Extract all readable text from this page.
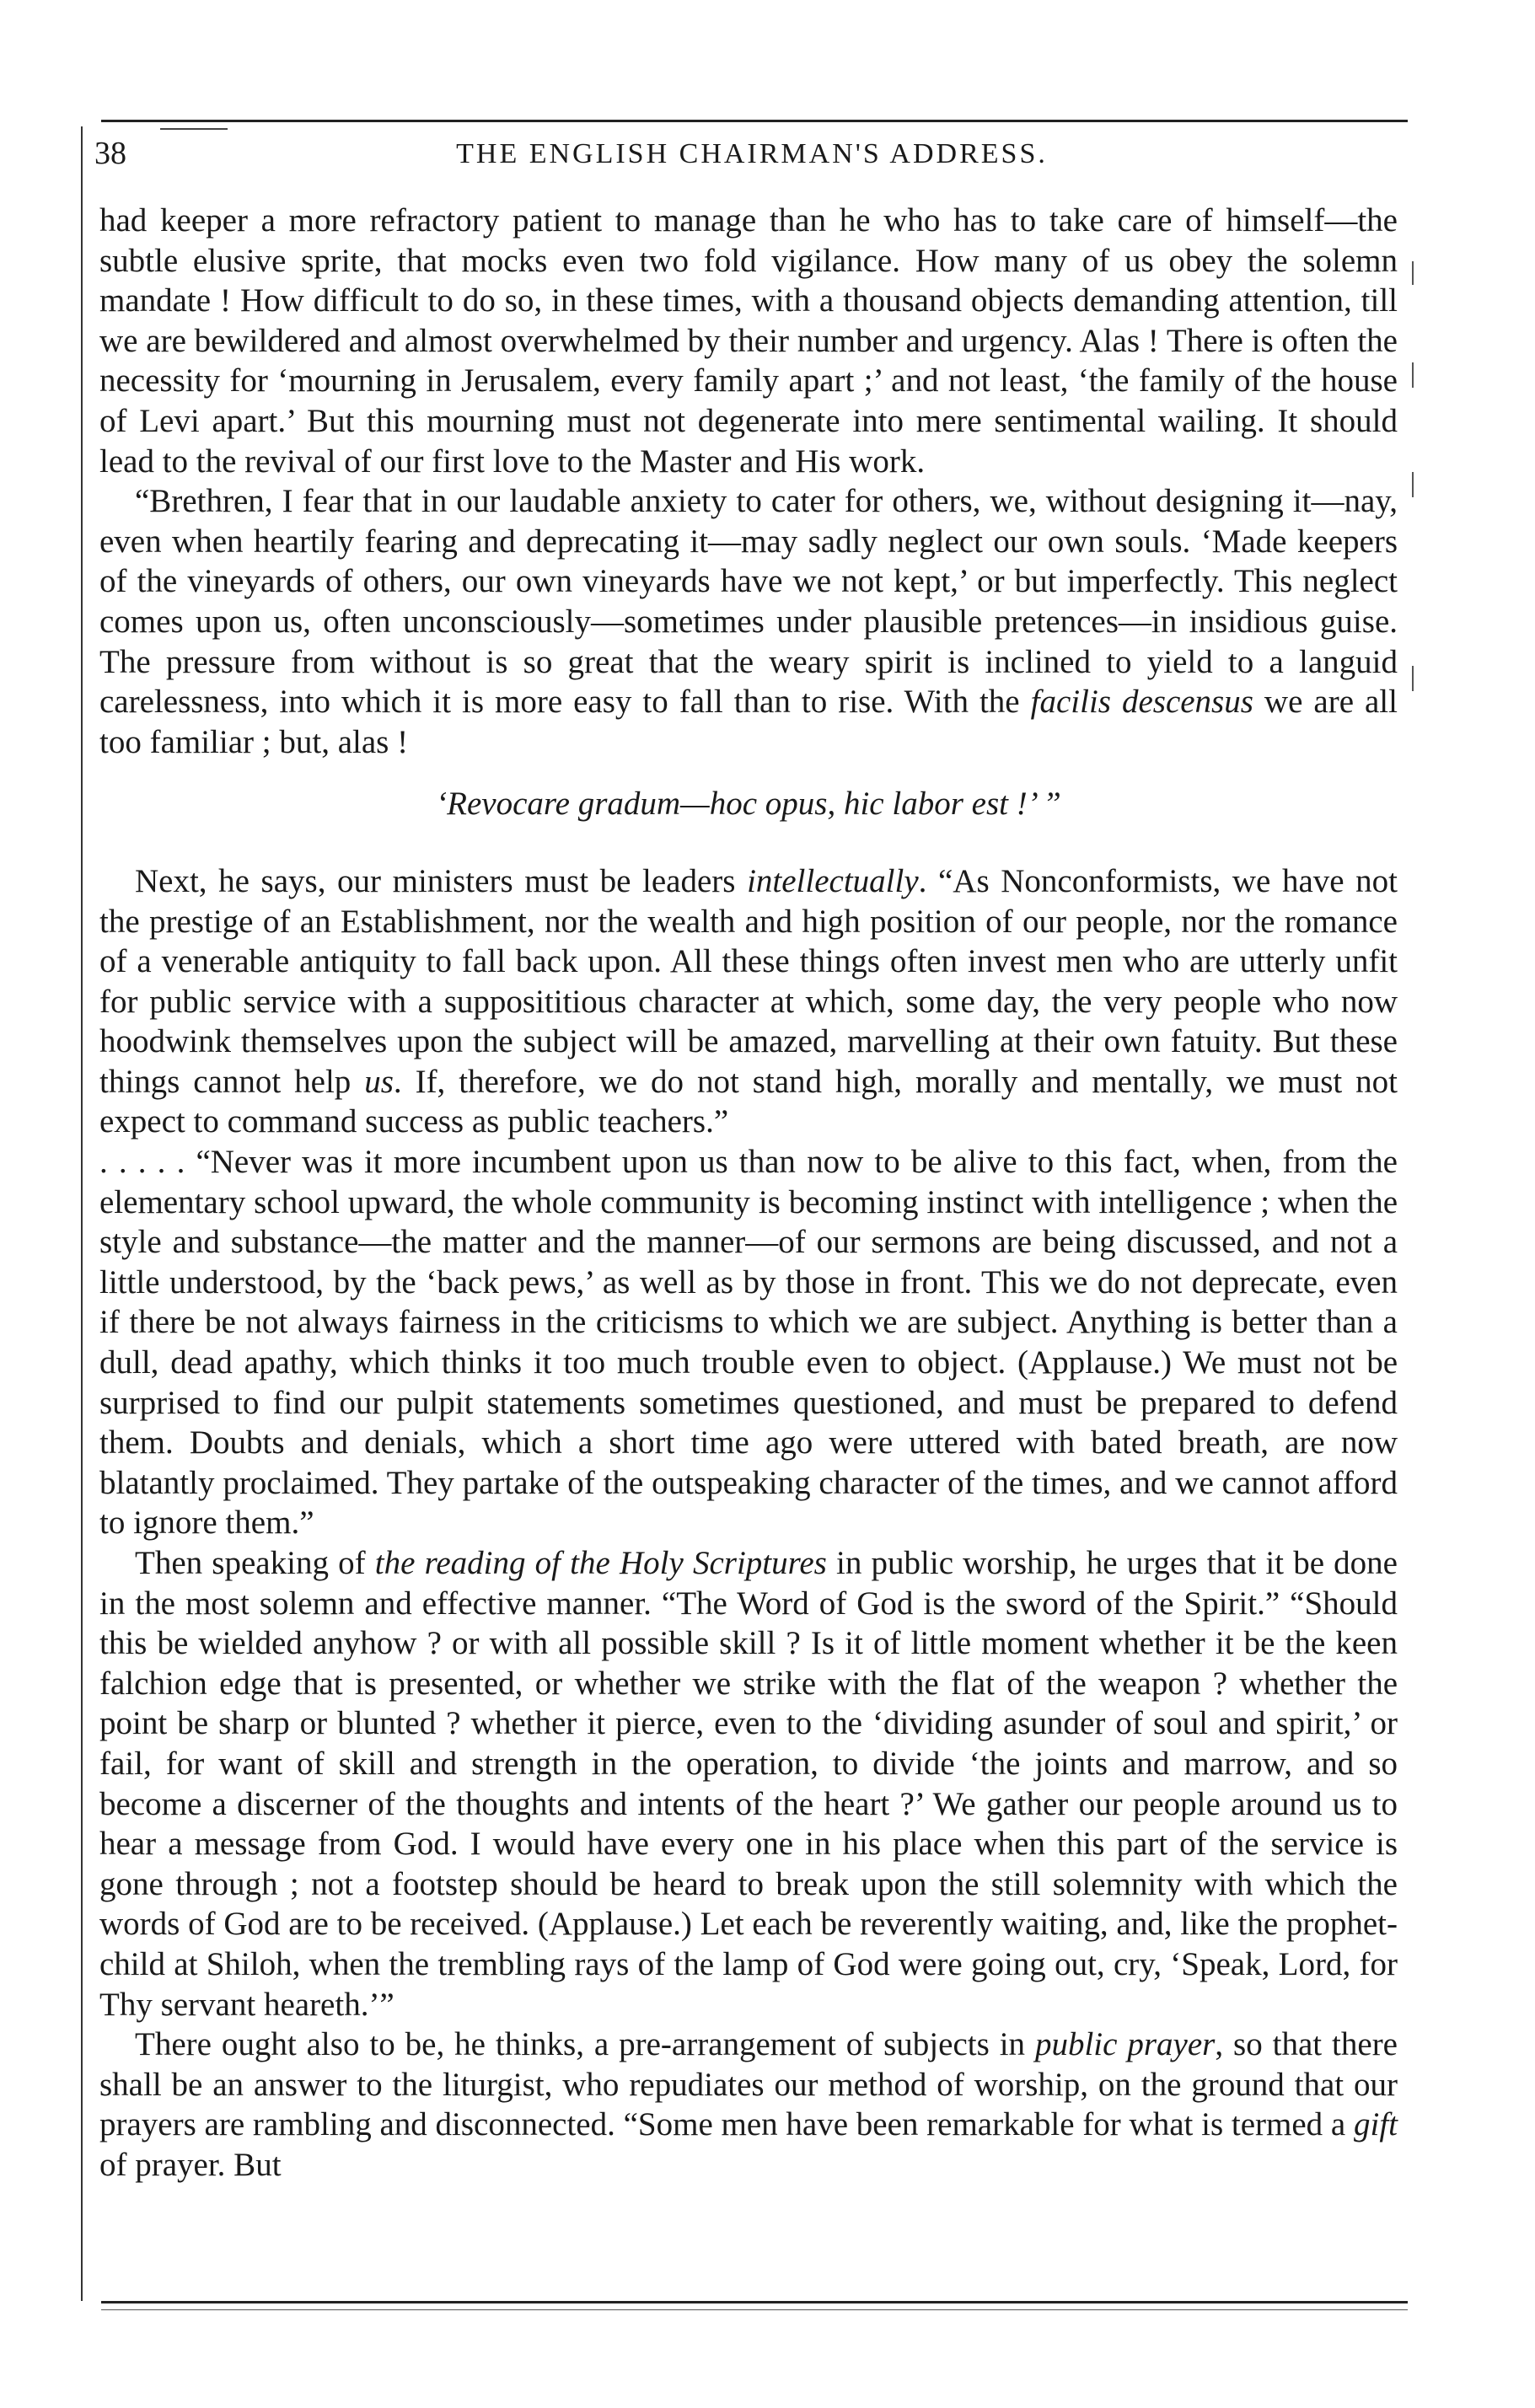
38	THE ENGLISH CHAIRMAN'S ADDRESS.

had keeper a more refractory patient to manage than he who has to take care of himself—the subtle elusive sprite, that mocks even two fold vigilance. How many of us obey the solemn mandate ! How difficult to do so, in these times, with a thousand objects demanding attention, till we are bewildered and almost overwhelmed by their number and urgency. Alas ! There is often the necessity for ‘mourning in Jerusalem, every family apart ;’ and not least, ‘the family of the house of Levi apart.’ But this mourning must not degenerate into mere sentimental wailing. It should lead to the revival of our first love to the Master and His work.

“Brethren, I fear that in our laudable anxiety to cater for others, we, without designing it—nay, even when heartily fearing and deprecating it—may sadly neglect our own souls. ‘Made keepers of the vineyards of others, our own vineyards have we not kept,’ or but imperfectly. This neglect comes upon us, often unconsciously—sometimes under plausible pretences—in insidious guise. The pressure from without is so great that the weary spirit is inclined to yield to a languid carelessness, into which it is more easy to fall than to rise. With the facilis descensus we are all too familiar ; but, alas !

‘Revocare gradum—hoc opus, hic labor est !’ ”

Next, he says, our ministers must be leaders intellectually. “As Nonconformists, we have not the prestige of an Establishment, nor the wealth and high position of our people, nor the romance of a venerable antiquity to fall back upon. All these things often invest men who are utterly unfit for public service with a supposititious character at which, some day, the very people who now hoodwink themselves upon the subject will be amazed, marvelling at their own fatuity. But these things cannot help us. If, therefore, we do not stand high, morally and mentally, we must not expect to command success as public teachers.”

. . . . . “Never was it more incumbent upon us than now to be alive to this fact, when, from the elementary school upward, the whole community is becoming instinct with intelligence ; when the style and substance—the matter and the manner—of our sermons are being discussed, and not a little understood, by the ‘back pews,’ as well as by those in front. This we do not deprecate, even if there be not always fairness in the criticisms to which we are subject. Anything is better than a dull, dead apathy, which thinks it too much trouble even to object. (Applause.) We must not be surprised to find our pulpit statements sometimes questioned, and must be prepared to defend them. Doubts and denials, which a short time ago were uttered with bated breath, are now blatantly proclaimed. They partake of the outspeaking character of the times, and we cannot afford to ignore them.”

Then speaking of the reading of the Holy Scriptures in public worship, he urges that it be done in the most solemn and effective manner. “The Word of God is the sword of the Spirit.” “Should this be wielded anyhow ? or with all possible skill ? Is it of little moment whether it be the keen falchion edge that is presented, or whether we strike with the flat of the weapon ? whether the point be sharp or blunted ? whether it pierce, even to the ‘dividing asunder of soul and spirit,’ or fail, for want of skill and strength in the operation, to divide ‘the joints and marrow, and so become a discerner of the thoughts and intents of the heart ?’ We gather our people around us to hear a message from God. I would have every one in his place when this part of the service is gone through ; not a footstep should be heard to break upon the still solemnity with which the words of God are to be received. (Applause.) Let each be reverently waiting, and, like the prophet-child at Shiloh, when the trembling rays of the lamp of God were going out, cry, ‘Speak, Lord, for Thy servant heareth.’”

There ought also to be, he thinks, a pre-arrangement of subjects in public prayer, so that there shall be an answer to the liturgist, who repudiates our method of worship, on the ground that our prayers are rambling and disconnected. “Some men have been remarkable for what is termed a gift of prayer. But
